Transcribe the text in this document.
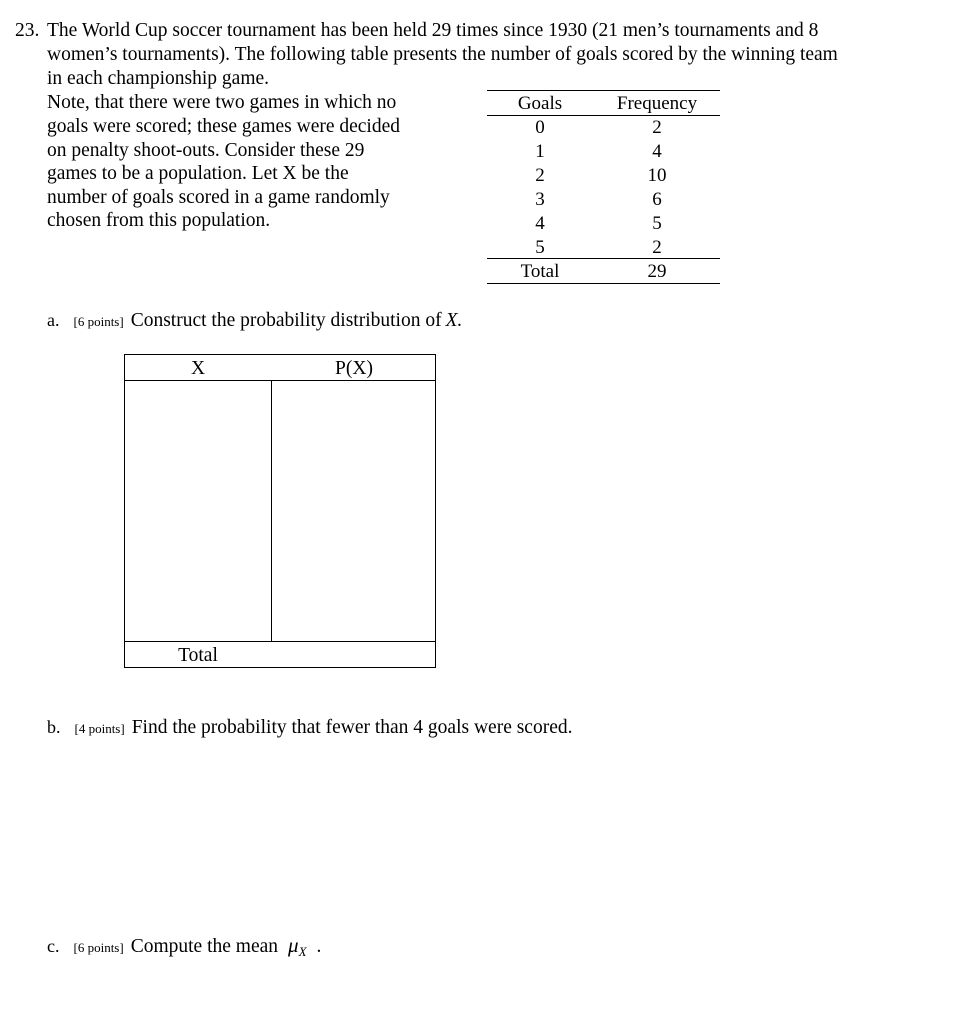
23. The World Cup soccer tournament has been held 29 times since 1930 (21 men’s tournaments and 8
women’s tournaments). The following table presents the number of goals scored by the winning team
in each championship game.
Note, that there were two games in which no
goals were scored; these games were decided
on penalty shoot-outs. Consider these 29
games to be a population. Let X be the
number of goals scored in a game randomly
chosen from this population.
Goals
0
1
2
3
4
5
Total
Frequency
2
4
10
6
5
2
29
a. [6 points] Construct the probability distribution of X.
X	P(X)
Total
b. [4 points] Find the probability that fewer than 4 goals were scored.
c. [6 points] Compute the mean $\mu_X$ .
